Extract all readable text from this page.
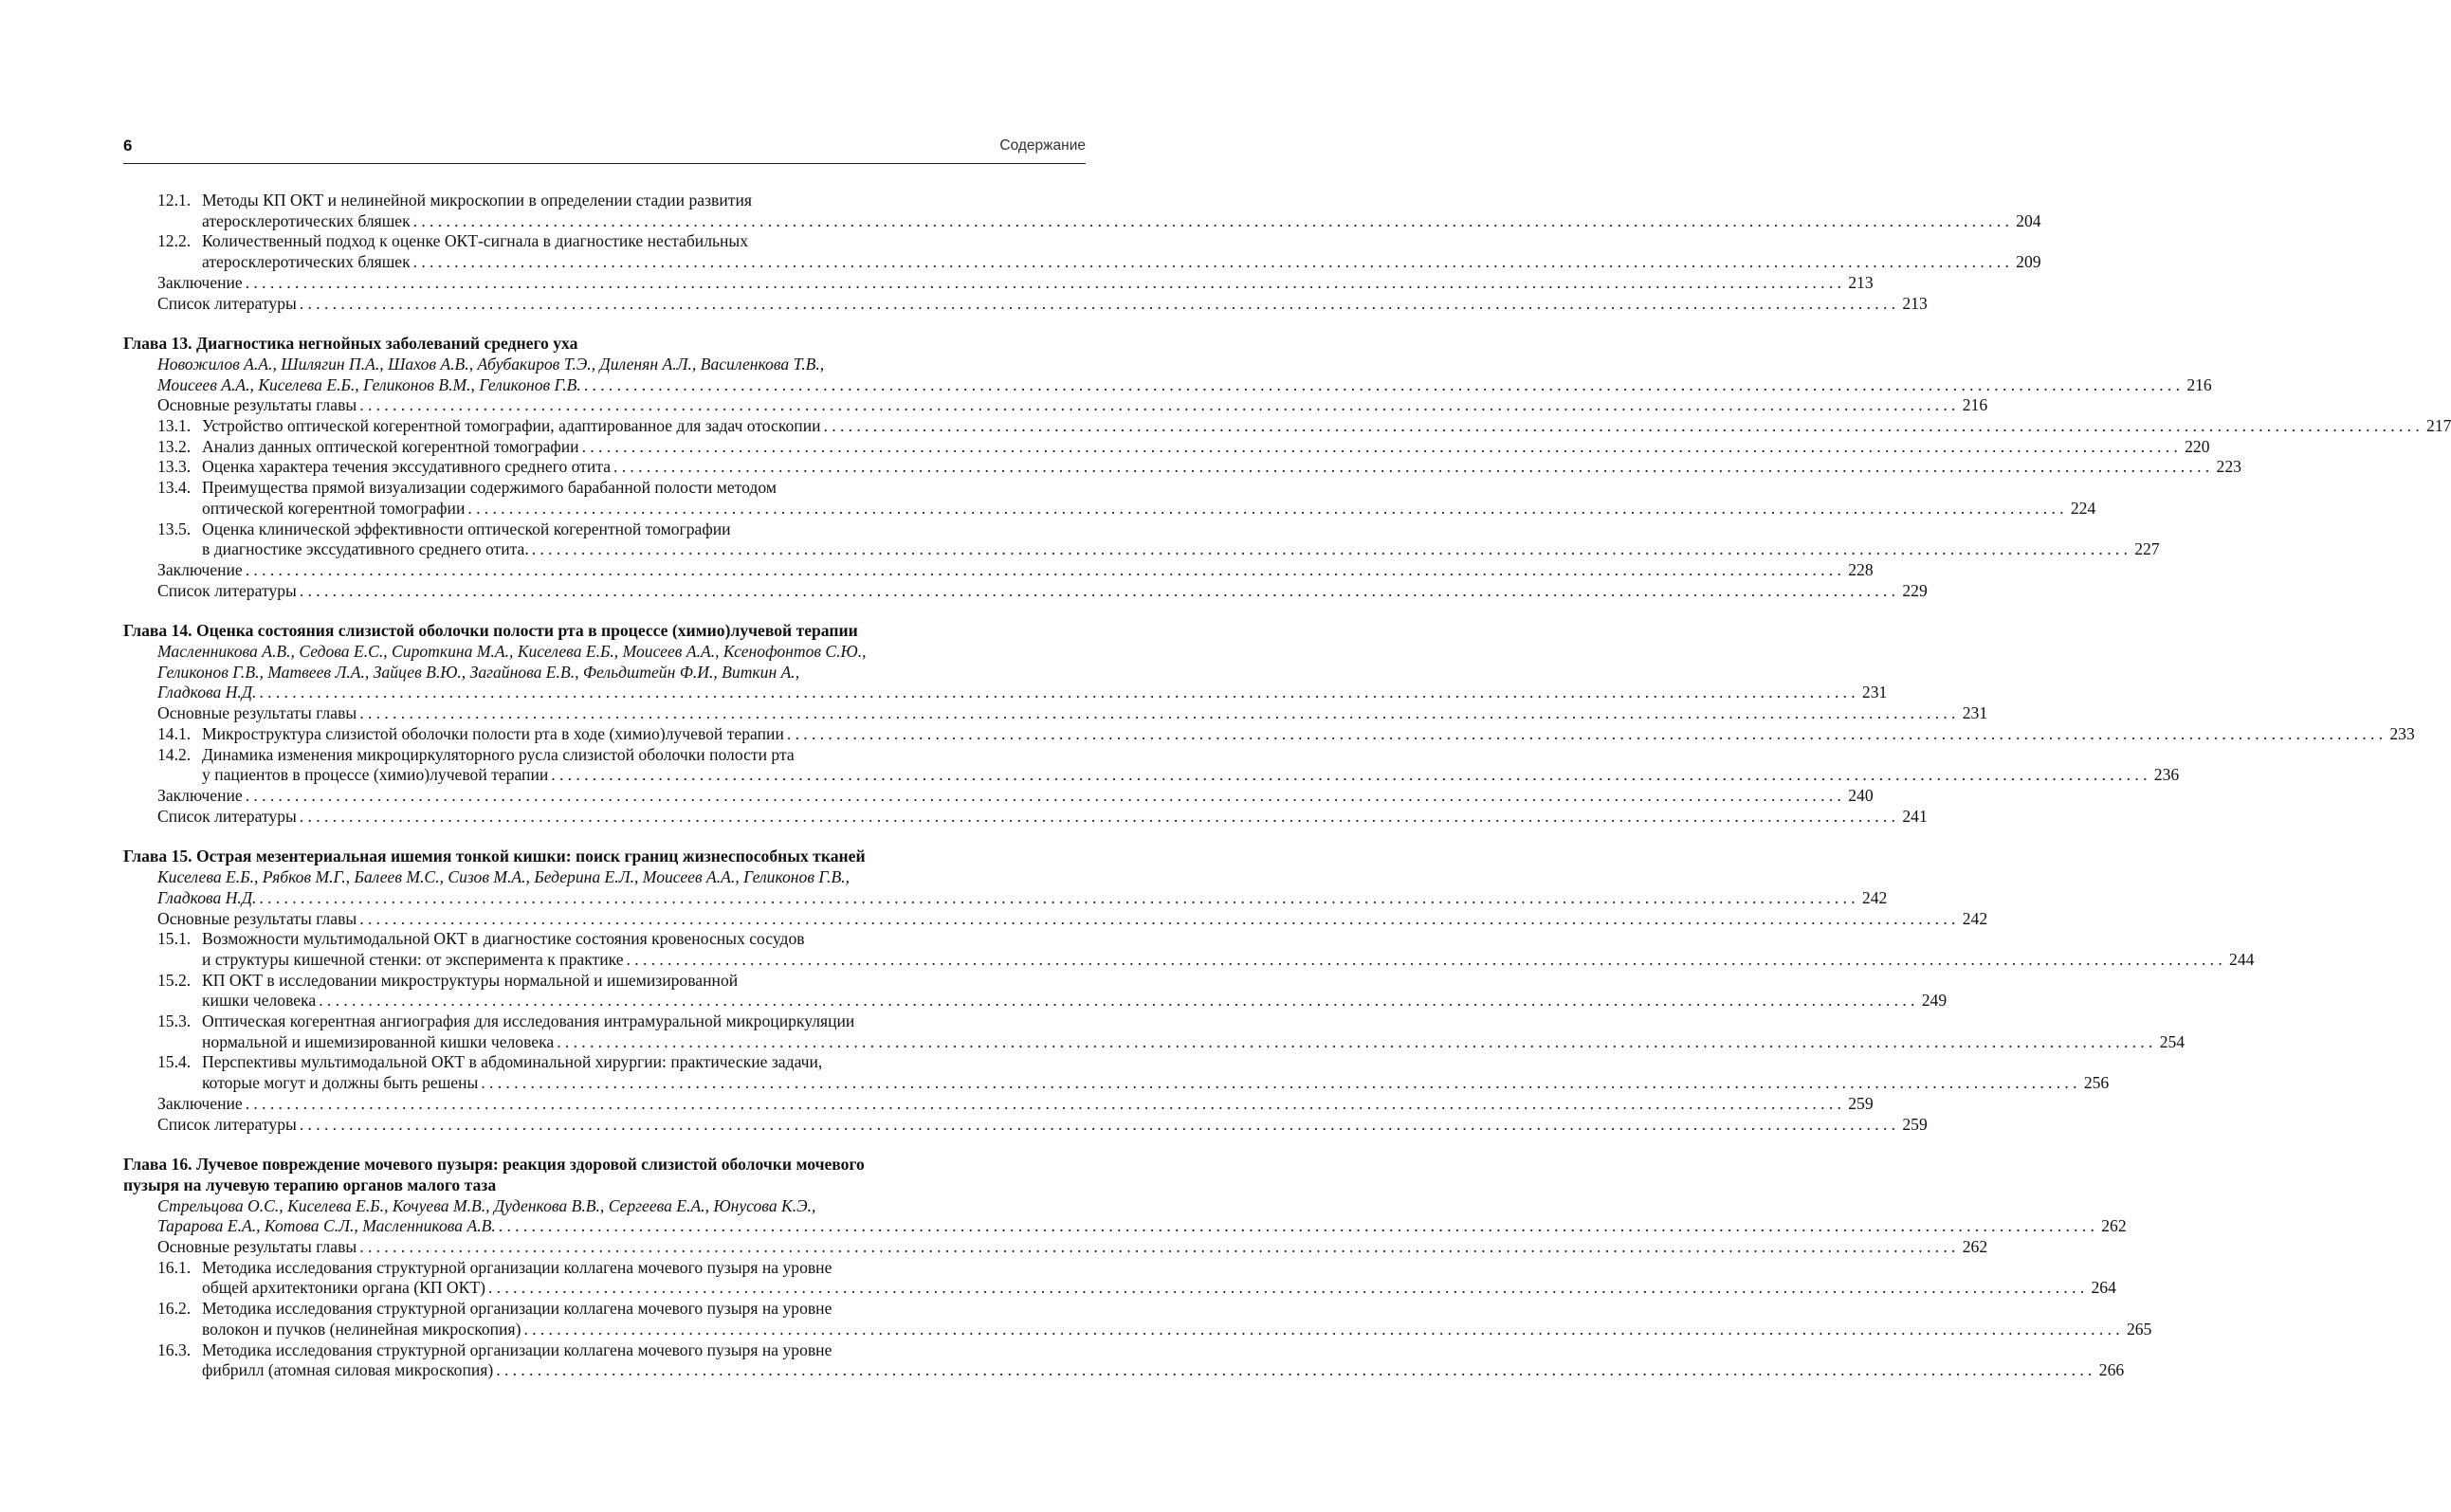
6	Содержание
12.1. Методы КП ОКТ и нелинейной микроскопии в определении стадии развития
атеросклеротических бляшек .................................................................................................................................................................................................. 204
12.2. Количественный подход к оценке ОКТ-сигнала в диагностике нестабильных
атеросклеротических бляшек .................................................................................................................................................................................................. 209
Заключение .................................................................................................................................................................................................. 213
Список литературы .................................................................................................................................................................................................. 213
Глава 13. Диагностика негнойных заболеваний среднего уха
Новожилов А.А., Шилягин П.А., Шахов А.В., Абубакиров Т.Э., Диленян А.Л., Василенкова Т.В.,
Моисеев А.А., Киселева Е.Б., Геликонов В.М., Геликонов Г.В. .................................................................................................................................................................................................. 216
Основные результаты главы .................................................................................................................................................................................................. 216
13.1. Устройство оптической когерентной томографии, адаптированное для задач отоскопии .................................................................................................................................................................................................. 217
13.2. Анализ данных оптической когерентной томографии .................................................................................................................................................................................................. 220
13.3. Оценка характера течения экссудативного среднего отита .................................................................................................................................................................................................. 223
13.4. Преимущества прямой визуализации содержимого барабанной полости методом
оптической когерентной томографии .................................................................................................................................................................................................. 224
13.5. Оценка клинической эффективности оптической когерентной томографии
в диагностике экссудативного среднего отита. .................................................................................................................................................................................................. 227
Заключение .................................................................................................................................................................................................. 228
Список литературы .................................................................................................................................................................................................. 229
Глава 14. Оценка состояния слизистой оболочки полости рта в процессе (химио)лучевой терапии
Масленникова А.В., Седова Е.С., Сироткина М.А., Киселева Е.Б., Моисеев А.А., Ксенофонтов С.Ю.,
Геликонов Г.В., Матвеев Л.А., Зайцев В.Ю., Загайнова Е.В., Фельдштейн Ф.И., Виткин А.,
Гладкова Н.Д. .................................................................................................................................................................................................. 231
Основные результаты главы .................................................................................................................................................................................................. 231
14.1. Микроструктура слизистой оболочки полости рта в ходе (химио)лучевой терапии .................................................................................................................................................................................................. 233
14.2. Динамика изменения микроциркуляторного русла слизистой оболочки полости рта
у пациентов в процессе (химио)лучевой терапии .................................................................................................................................................................................................. 236
Заключение .................................................................................................................................................................................................. 240
Список литературы .................................................................................................................................................................................................. 241
Глава 15. Острая мезентериальная ишемия тонкой кишки: поиск границ жизнеспособных тканей
Киселева Е.Б., Рябков М.Г., Балеев М.С., Сизов М.А., Бедерина Е.Л., Моисеев А.А., Геликонов Г.В.,
Гладкова Н.Д. .................................................................................................................................................................................................. 242
Основные результаты главы .................................................................................................................................................................................................. 242
15.1. Возможности мультимодальной ОКТ в диагностике состояния кровеносных сосудов
и структуры кишечной стенки: от эксперимента к практике .................................................................................................................................................................................................. 244
15.2. КП ОКТ в исследовании микроструктуры нормальной и ишемизированной
кишки человека .................................................................................................................................................................................................. 249
15.3. Оптическая когерентная ангиография для исследования интрамуральной микроциркуляции
нормальной и ишемизированной кишки человека .................................................................................................................................................................................................. 254
15.4. Перспективы мультимодальной ОКТ в абдоминальной хирургии: практические задачи,
которые могут и должны быть решены .................................................................................................................................................................................................. 256
Заключение .................................................................................................................................................................................................. 259
Список литературы .................................................................................................................................................................................................. 259
Глава 16. Лучевое повреждение мочевого пузыря: реакция здоровой слизистой оболочки мочевого
пузыря на лучевую терапию органов малого таза
Стрельцова О.С., Киселева Е.Б., Кочуева М.В., Дуденкова В.В., Сергеева Е.А., Юнусова К.Э.,
Тарарова Е.А., Котова С.Л., Масленникова А.В. .................................................................................................................................................................................................. 262
Основные результаты главы .................................................................................................................................................................................................. 262
16.1. Методика исследования структурной организации коллагена мочевого пузыря на уровне
общей архитектоники органа (КП ОКТ) .................................................................................................................................................................................................. 264
16.2. Методика исследования структурной организации коллагена мочевого пузыря на уровне
волокон и пучков (нелинейная микроскопия) .................................................................................................................................................................................................. 265
16.3. Методика исследования структурной организации коллагена мочевого пузыря на уровне
фибрилл (атомная силовая микроскопия) .................................................................................................................................................................................................. 266
